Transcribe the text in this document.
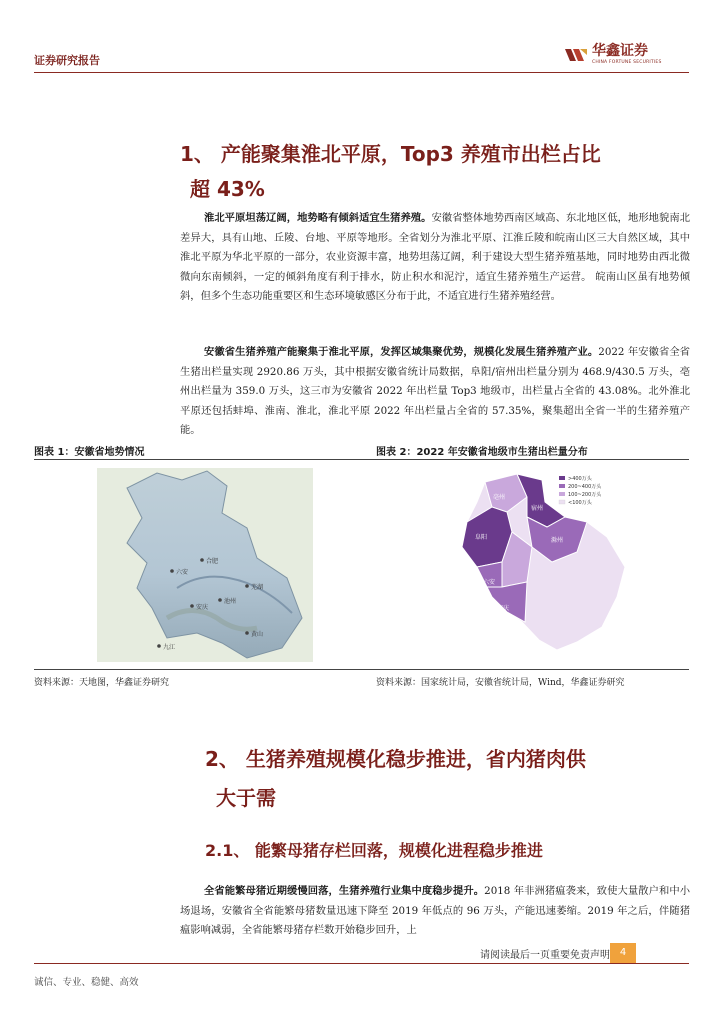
证券研究报告
华鑫证券
CHINA FORTUNE SECURITIES
1、 产能聚集淮北平原，Top3 养殖市出栏占比
超 43%
淮北平原坦荡辽阔，地势略有倾斜适宜生猪养殖。安徽省整体地势西南区域高、东北地区低，地形地貌南北差异大，具有山地、丘陵、台地、平原等地形。全省划分为淮北平原、江淮丘陵和皖南山区三大自然区域，其中淮北平原为华北平原的一部分，农业资源丰富，地势坦荡辽阔，利于建设大型生猪养殖基地，同时地势由西北微微向东南倾斜，一定的倾斜角度有利于排水，防止积水和泥泞，适宜生猪养殖生产运营。 皖南山区虽有地势倾斜，但多个生态功能重要区和生态环境敏感区分布于此，不适宜进行生猪养殖经营。
安徽省生猪养殖产能聚集于淮北平原，发挥区域集聚优势，规模化发展生猪养殖产业。2022 年安徽省全省生猪出栏量实现 2920.86 万头，其中根据安徽省统计局数据，阜阳/宿州出栏量分别为 468.9/430.5 万头，亳州出栏量为 359.0 万头，这三市为安徽省 2022 年出栏量 Top3 地级市，出栏量占全省的 43.08%。北外淮北平原还包括蚌埠、淮南、淮北，淮北平原 2022 年出栏量占全省的 57.35%，聚集超出全省一半的生猪养殖产能。
图表 1：安徽省地势情况	图表 2：2022 年安徽省地级市生猪出栏量分布
六安
合肥
安庆
池州
黄山
九江
芜湖
>400万头
200~400万头
100~200万头
<100万头
亳州
宿州
阜阳	滁州
六安
安庆
资料来源：天地图，华鑫证券研究	资料来源：国家统计局，安徽省统计局，Wind，华鑫证券研究
2、 生猪养殖规模化稳步推进，省内猪肉供
大于需
2.1、 能繁母猪存栏回落，规模化进程稳步推进
全省能繁母猪近期缓慢回落，生猪养殖行业集中度稳步提升。2018 年非洲猪瘟袭来，致使大量散户和中小场退场，安徽省全省能繁母猪数量迅速下降至 2019 年低点的 96 万头，产能迅速萎缩。2019 年之后，伴随猪瘟影响减弱，全省能繁母猪存栏数开始稳步回升，上
请阅读最后一页重要免责声明 4
诚信、专业、稳健、高效
